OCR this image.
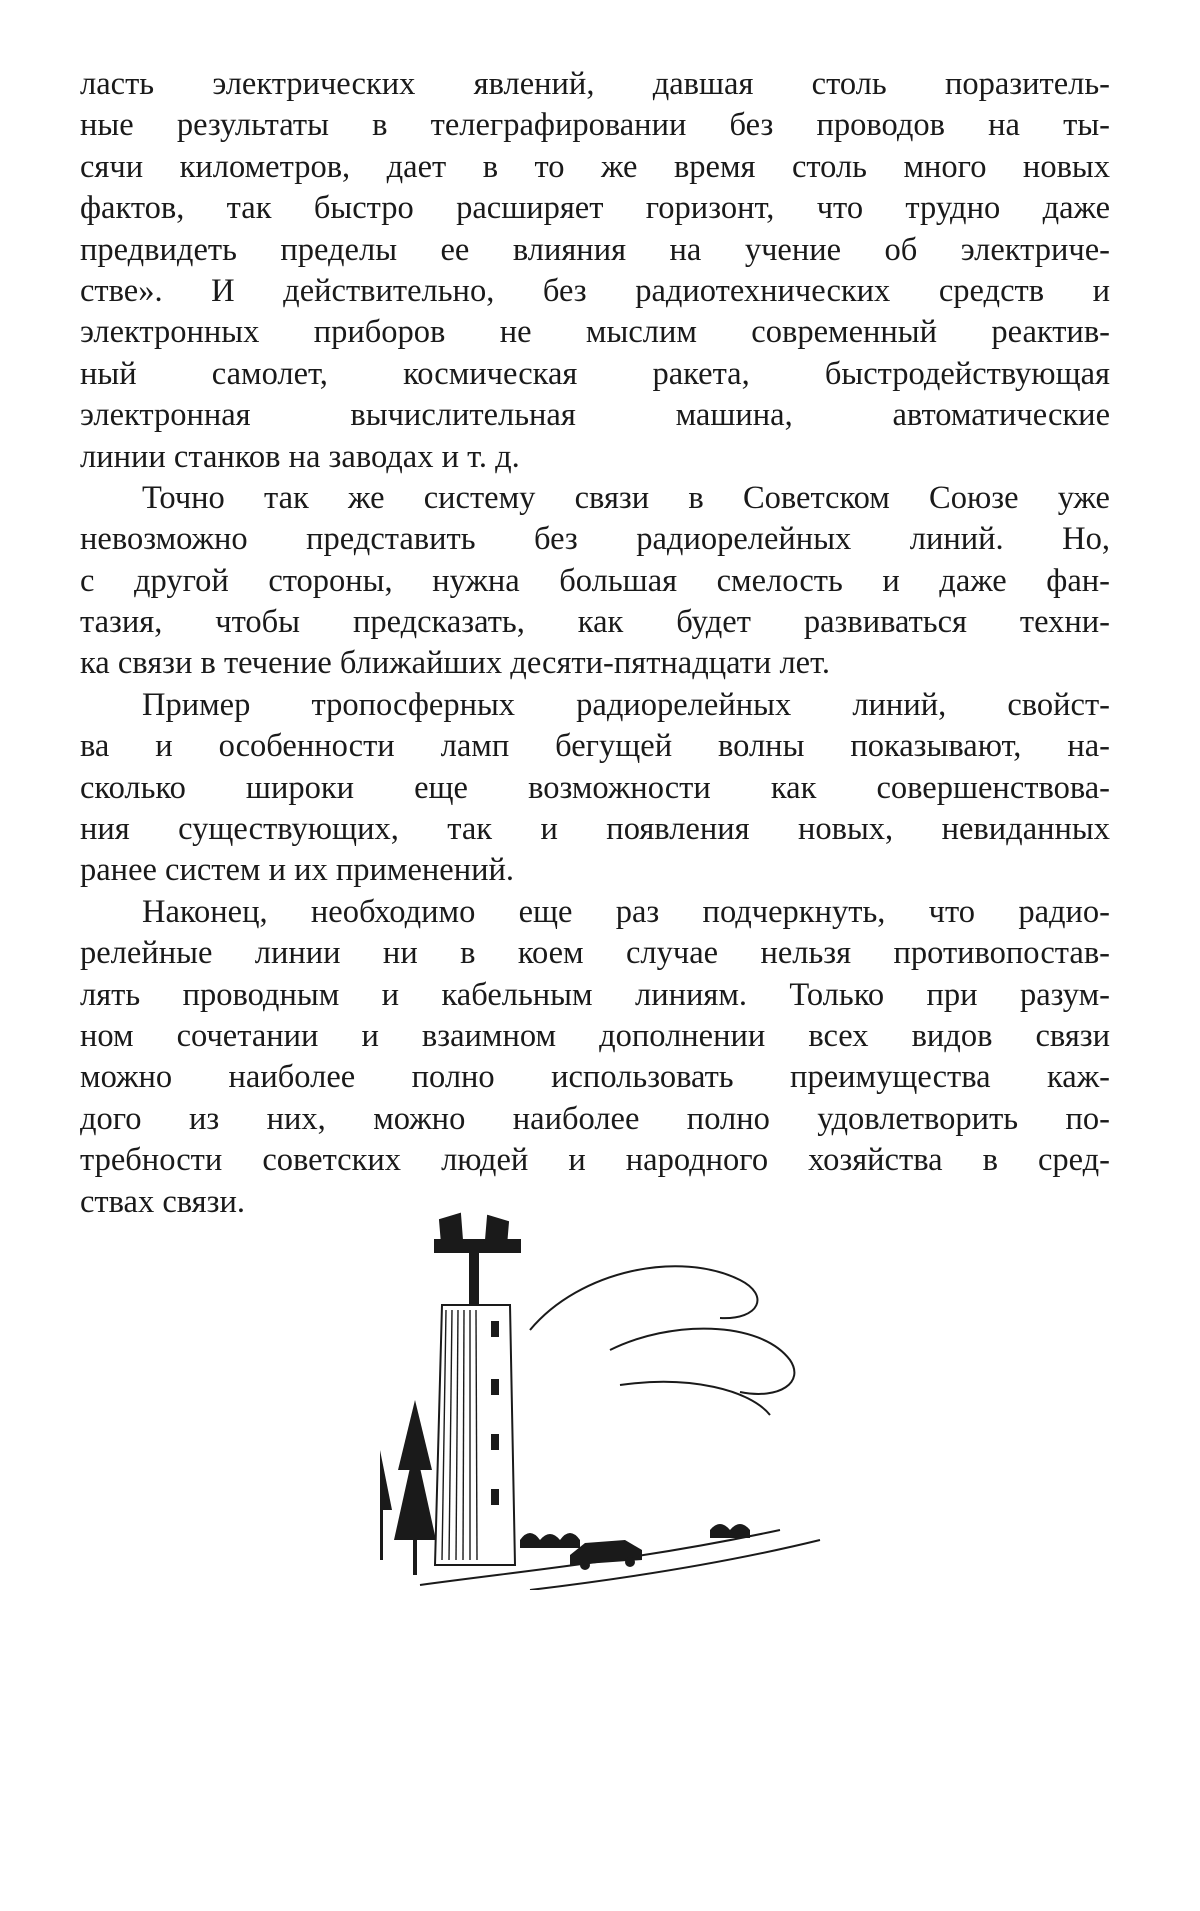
ласть электрических явлений, давшая столь поразитель-
ные результаты в телеграфировании без проводов на ты-
сячи километров, дает в то же время столь много новых
фактов, так быстро расширяет горизонт, что трудно даже
предвидеть пределы ее влияния на учение об электриче-
стве». И действительно, без радиотехнических средств и
электронных приборов не мыслим современный реактив-
ный самолет, космическая ракета, быстродействующая
электронная вычислительная машина, автоматические
линии станков на заводах и т. д.
Точно так же систему связи в Советском Союзе уже
невозможно представить без радиорелейных линий. Но,
с другой стороны, нужна большая смелость и даже фан-
тазия, чтобы предсказать, как будет развиваться техни-
ка связи в течение ближайших десяти-пятнадцати лет.
Пример тропосферных радиорелейных линий, свойст-
ва и особенности ламп бегущей волны показывают, на-
сколько широки еще возможности как совершенствова-
ния существующих, так и появления новых, невиданных
ранее систем и их применений.
Наконец, необходимо еще раз подчеркнуть, что радио-
релейные линии ни в коем случае нельзя противопостав-
лять проводным и кабельным линиям. Только при разум-
ном сочетании и взаимном дополнении всех видов связи
можно наиболее полно использовать преимущества каж-
дого из них, можно наиболее полно удовлетворить по-
требности советских людей и народного хозяйства в сред-
ствах связи.
